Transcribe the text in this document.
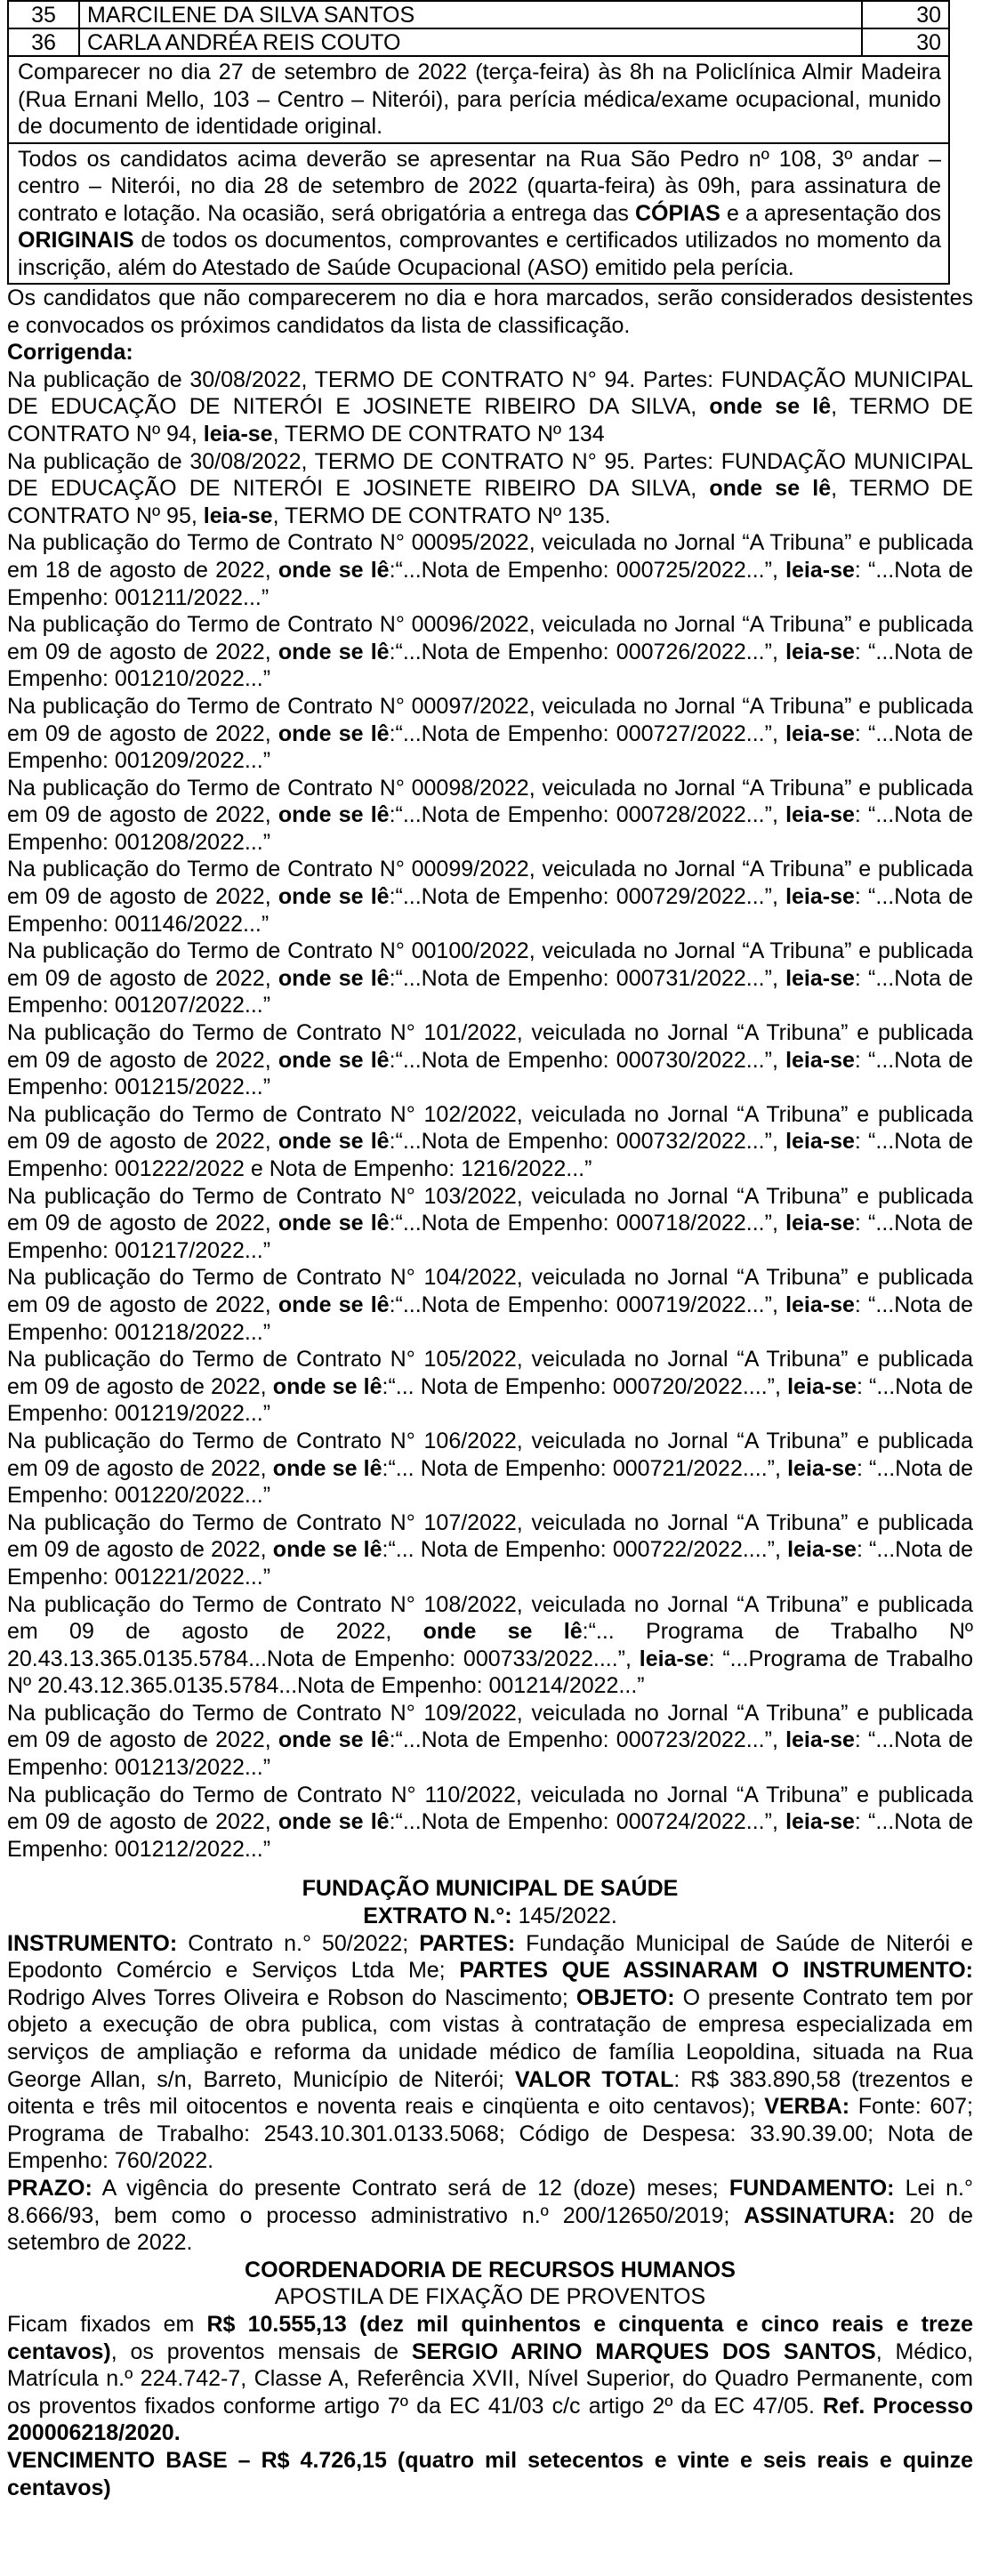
35	MARCILENE DA SILVA SANTOS	30
36	CARLA ANDRÉA REIS COUTO	30
Comparecer no dia 27 de setembro de 2022 (terça-feira) às 8h na Policlínica Almir Madeira (Rua Ernani Mello, 103 – Centro – Niterói), para perícia médica/exame ocupacional, munido de documento de identidade original.		
Todos os candidatos acima deverão se apresentar na Rua São Pedro nº 108, 3º andar – centro – Niterói, no dia 28 de setembro de 2022 (quarta-feira) às 09h, para assinatura de contrato e lotação. Na ocasião, será obrigatória a entrega das CÓPIAS e a apresentação dos ORIGINAIS de todos os documentos, comprovantes e certificados utilizados no momento da inscrição, além do Atestado de Saúde Ocupacional (ASO) emitido pela perícia.		

Os candidatos que não comparecerem no dia e hora marcados, serão considerados desistentes e convocados os próximos candidatos da lista de classificação.

Corrigenda:

Na publicação de 30/08/2022, TERMO DE CONTRATO N° 94. Partes: FUNDAÇÃO MUNICIPAL DE EDUCAÇÃO DE NITERÓI E JOSINETE RIBEIRO DA SILVA, onde se lê, TERMO DE CONTRATO Nº 94, leia-se, TERMO DE CONTRATO Nº 134

Na publicação de 30/08/2022, TERMO DE CONTRATO N° 95. Partes: FUNDAÇÃO MUNICIPAL DE EDUCAÇÃO DE NITERÓI E JOSINETE RIBEIRO DA SILVA, onde se lê, TERMO DE CONTRATO Nº 95, leia-se, TERMO DE CONTRATO Nº 135.

Na publicação do Termo de Contrato N° 00095/2022, veiculada no Jornal “A Tribuna” e publicada em 18 de agosto de 2022, onde se lê:“...Nota de Empenho: 000725/2022...”, leia-se: “...Nota de Empenho: 001211/2022...”

Na publicação do Termo de Contrato N° 00096/2022, veiculada no Jornal “A Tribuna” e publicada em 09 de agosto de 2022, onde se lê:“...Nota de Empenho: 000726/2022...”, leia-se: “...Nota de Empenho: 001210/2022...”

Na publicação do Termo de Contrato N° 00097/2022, veiculada no Jornal “A Tribuna” e publicada em 09 de agosto de 2022, onde se lê:“...Nota de Empenho: 000727/2022...”, leia-se: “...Nota de Empenho: 001209/2022...”

Na publicação do Termo de Contrato N° 00098/2022, veiculada no Jornal “A Tribuna” e publicada em 09 de agosto de 2022, onde se lê:“...Nota de Empenho: 000728/2022...”, leia-se: “...Nota de Empenho: 001208/2022...”

Na publicação do Termo de Contrato N° 00099/2022, veiculada no Jornal “A Tribuna” e publicada em 09 de agosto de 2022, onde se lê:“...Nota de Empenho: 000729/2022...”, leia-se: “...Nota de Empenho: 001146/2022...”

Na publicação do Termo de Contrato N° 00100/2022, veiculada no Jornal “A Tribuna” e publicada em 09 de agosto de 2022, onde se lê:“...Nota de Empenho: 000731/2022...”, leia-se: “...Nota de Empenho: 001207/2022...”

Na publicação do Termo de Contrato N° 101/2022, veiculada no Jornal “A Tribuna” e publicada em 09 de agosto de 2022, onde se lê:“...Nota de Empenho: 000730/2022...”, leia-se: “...Nota de Empenho: 001215/2022...”

Na publicação do Termo de Contrato N° 102/2022, veiculada no Jornal “A Tribuna” e publicada em 09 de agosto de 2022, onde se lê:“...Nota de Empenho: 000732/2022...”, leia-se: “...Nota de Empenho: 001222/2022 e Nota de Empenho: 1216/2022...”

Na publicação do Termo de Contrato N° 103/2022, veiculada no Jornal “A Tribuna” e publicada em 09 de agosto de 2022, onde se lê:“...Nota de Empenho: 000718/2022...”, leia-se: “...Nota de Empenho: 001217/2022...”

Na publicação do Termo de Contrato N° 104/2022, veiculada no Jornal “A Tribuna” e publicada em 09 de agosto de 2022, onde se lê:“...Nota de Empenho: 000719/2022...”, leia-se: “...Nota de Empenho: 001218/2022...”

Na publicação do Termo de Contrato N° 105/2022, veiculada no Jornal “A Tribuna” e publicada em 09 de agosto de 2022, onde se lê:“... Nota de Empenho: 000720/2022....”, leia-se: “...Nota de Empenho: 001219/2022...”

Na publicação do Termo de Contrato N° 106/2022, veiculada no Jornal “A Tribuna” e publicada em 09 de agosto de 2022, onde se lê:“... Nota de Empenho: 000721/2022....”, leia-se: “...Nota de Empenho: 001220/2022...”

Na publicação do Termo de Contrato N° 107/2022, veiculada no Jornal “A Tribuna” e publicada em 09 de agosto de 2022, onde se lê:“... Nota de Empenho: 000722/2022....”, leia-se: “...Nota de Empenho: 001221/2022...”

Na publicação do Termo de Contrato N° 108/2022, veiculada no Jornal “A Tribuna” e publicada em 09 de agosto de 2022, onde se lê:“... Programa de Trabalho Nº 20.43.13.365.0135.5784...Nota de Empenho: 000733/2022....”, leia-se: “...Programa de Trabalho Nº 20.43.12.365.0135.5784...Nota de Empenho: 001214/2022...”

Na publicação do Termo de Contrato N° 109/2022, veiculada no Jornal “A Tribuna” e publicada em 09 de agosto de 2022, onde se lê:“...Nota de Empenho: 000723/2022...”, leia-se: “...Nota de Empenho: 001213/2022...”

Na publicação do Termo de Contrato N° 110/2022, veiculada no Jornal “A Tribuna” e publicada em 09 de agosto de 2022, onde se lê:“...Nota de Empenho: 000724/2022...”, leia-se: “...Nota de Empenho: 001212/2022...”

FUNDAÇÃO MUNICIPAL DE SAÚDE

EXTRATO N.°: 145/2022.

INSTRUMENTO: Contrato n.° 50/2022; PARTES: Fundação Municipal de Saúde de Niterói e Epodonto Comércio e Serviços Ltda Me; PARTES QUE ASSINARAM O INSTRUMENTO: Rodrigo Alves Torres Oliveira e Robson do Nascimento; OBJETO: O presente Contrato tem por objeto a execução de obra publica, com vistas à contratação de empresa especializada em serviços de ampliação e reforma da unidade médico de família Leopoldina, situada na Rua George Allan, s/n, Barreto, Município de Niterói; VALOR TOTAL: R$ 383.890,58 (trezentos e oitenta e três mil oitocentos e noventa reais e cinqüenta e oito centavos); VERBA: Fonte: 607; Programa de Trabalho: 2543.10.301.0133.5068; Código de Despesa: 33.90.39.00; Nota de Empenho: 760/2022.
PRAZO: A vigência do presente Contrato será de 12 (doze) meses; FUNDAMENTO: Lei n.° 8.666/93, bem como o processo administrativo n.º 200/12650/2019; ASSINATURA: 20 de setembro de 2022.

COORDENADORIA DE RECURSOS HUMANOS

APOSTILA DE FIXAÇÃO DE PROVENTOS

Ficam fixados em R$ 10.555,13 (dez mil quinhentos e cinquenta e cinco reais e treze centavos), os proventos mensais de SERGIO ARINO MARQUES DOS SANTOS, Médico, Matrícula n.º 224.742-7, Classe A, Referência XVII, Nível Superior, do Quadro Permanente, com os proventos fixados conforme artigo 7º da EC 41/03 c/c artigo 2º da EC 47/05. Ref. Processo 200006218/2020.

VENCIMENTO BASE – R$ 4.726,15 (quatro mil setecentos e vinte e seis reais e quinze centavos)
